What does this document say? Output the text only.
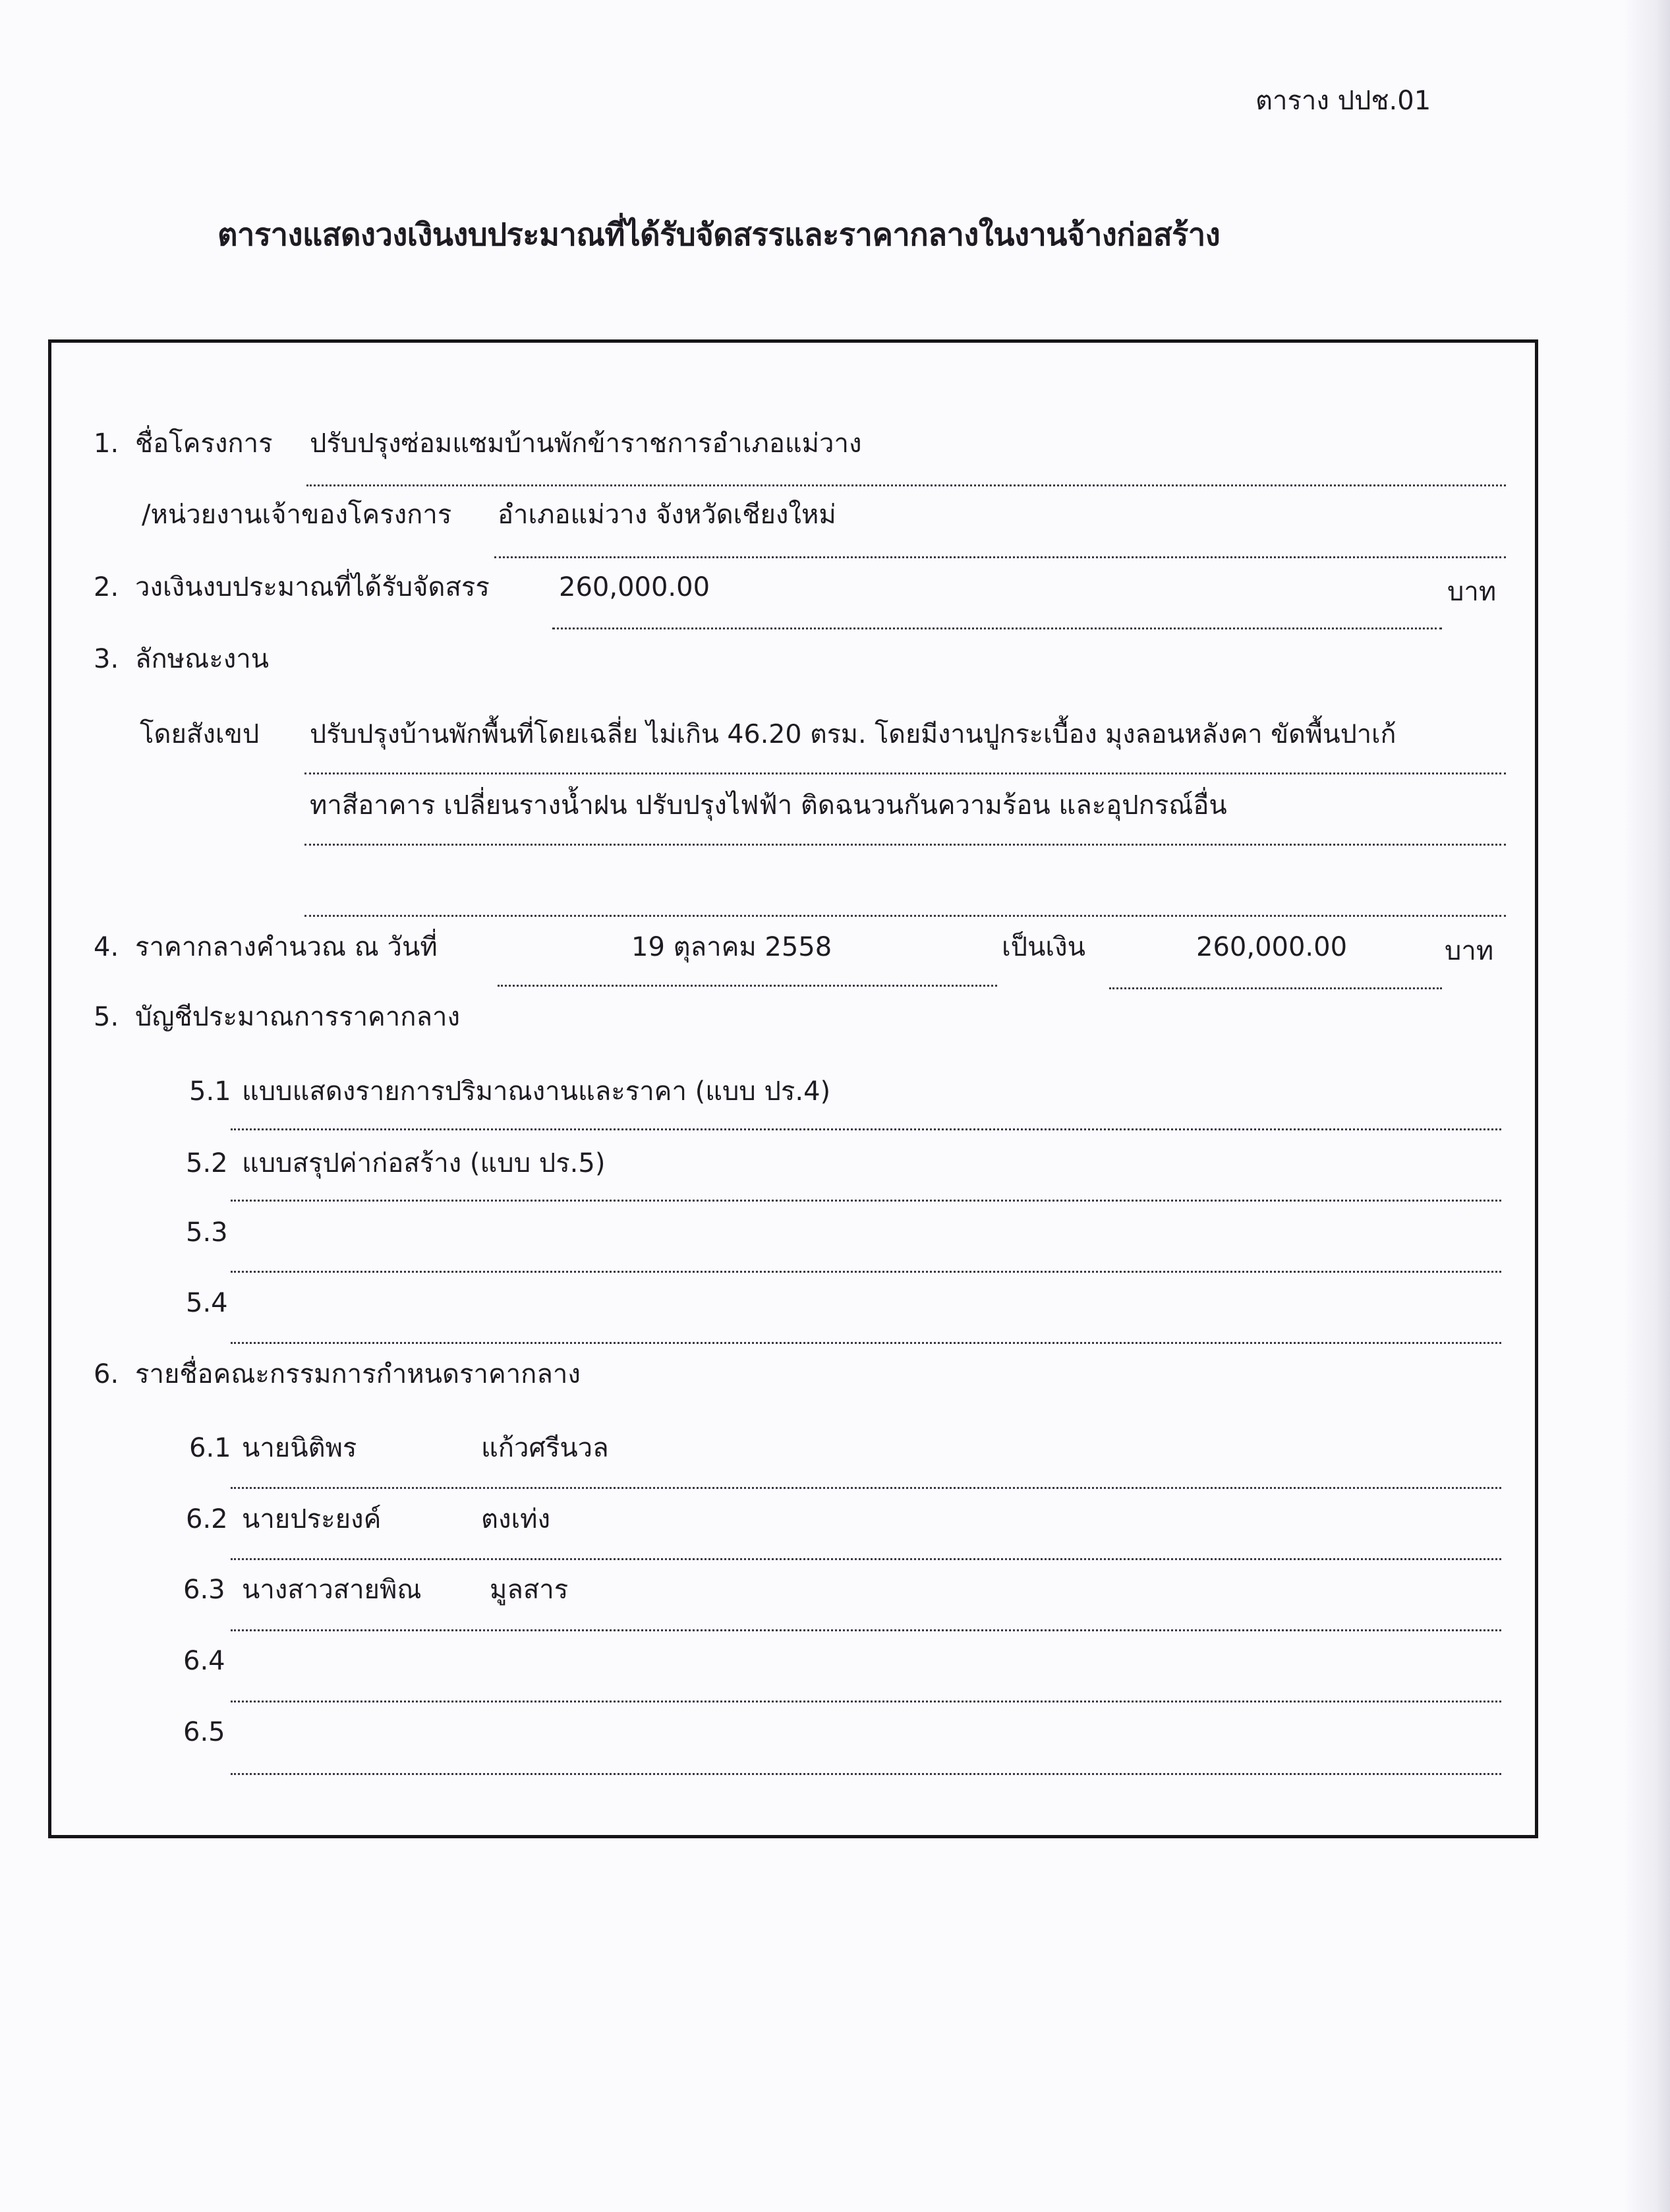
ตาราง ปปช.01
ตารางแสดงวงเงินงบประมาณที่ได้รับจัดสรรและราคากลางในงานจ้างก่อสร้าง
1. ชื่อโครงการ ปรับปรุงซ่อมแซมบ้านพักข้าราชการอำเภอแม่วาง
/หน่วยงานเจ้าของโครงการ อำเภอแม่วาง จังหวัดเชียงใหม่
2. วงเงินงบประมาณที่ได้รับจัดสรร	260,000.00	บาท
3. ลักษณะงาน
โดยสังเขป ปรับปรุงบ้านพักพื้นที่โดยเฉลี่ย ไม่เกิน 46.20 ตรม. โดยมีงานปูกระเบื้อง มุงลอนหลังคา ขัดพื้นปาเก้
ทาสีอาคาร เปลี่ยนรางน้ำฝน ปรับปรุงไฟฟ้า ติดฉนวนกันความร้อน และอุปกรณ์อื่น
4. ราคากลางคำนวณ ณ วันที่	19 ตุลาคม 2558	เป็นเงิน	260,000.00	บาท
5. บัญชีประมาณการราคากลาง
5.1 แบบแสดงรายการปริมาณงานและราคา (แบบ ปร.4)
5.2 แบบสรุปค่าก่อสร้าง (แบบ ปร.5)
5.3
5.4
6. รายชื่อคณะกรรมการกำหนดราคากลาง
6.1 นายนิติพร	แก้วศรีนวล
6.2 นายประยงค์	ตงเท่ง
6.3 นางสาวสายพิณ	มูลสาร
6.4
6.5
